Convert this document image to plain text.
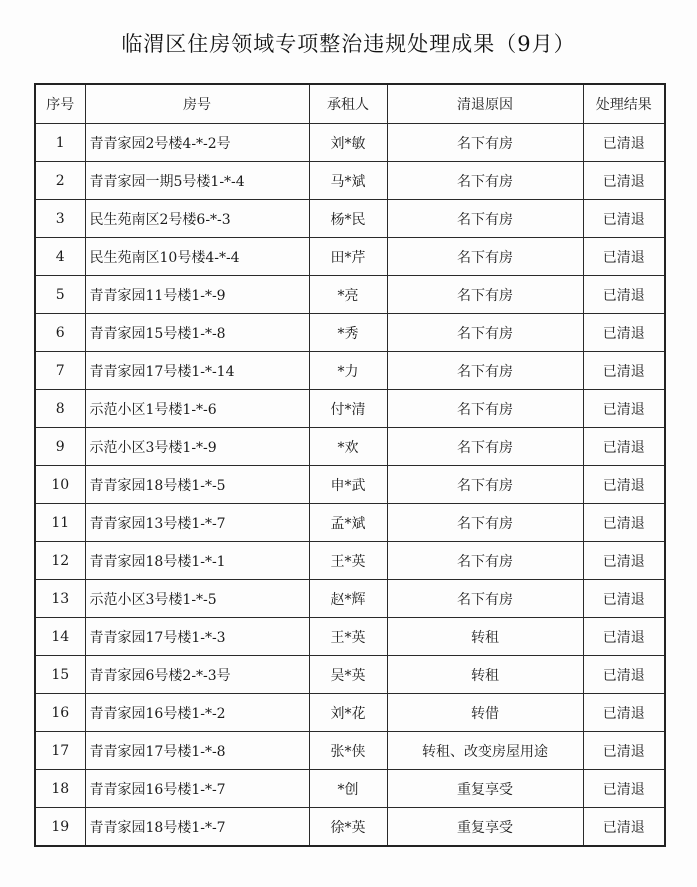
临渭区住房领域专项整治违规处理成果（9月）
序号	房号	承租人	清退原因	处理结果
1	青青家园2号楼4-*-2号	刘*敏	名下有房	已清退
2	青青家园一期5号楼1-*-4	马*斌	名下有房	已清退
3	民生苑南区2号楼6-*-3	杨*民	名下有房	已清退
4	民生苑南区10号楼4-*-4	田*芹	名下有房	已清退
5	青青家园11号楼1-*-9	*亮	名下有房	已清退
6	青青家园15号楼1-*-8	*秀	名下有房	已清退
7	青青家园17号楼1-*-14	*力	名下有房	已清退
8	示范小区1号楼1-*-6	付*清	名下有房	已清退
9	示范小区3号楼1-*-9	*欢	名下有房	已清退
10	青青家园18号楼1-*-5	申*武	名下有房	已清退
11	青青家园13号楼1-*-7	孟*斌	名下有房	已清退
12	青青家园18号楼1-*-1	王*英	名下有房	已清退
13	示范小区3号楼1-*-5	赵*辉	名下有房	已清退
14	青青家园17号楼1-*-3	王*英	转租	已清退
15	青青家园6号楼2-*-3号	吴*英	转租	已清退
16	青青家园16号楼1-*-2	刘*花	转借	已清退
17	青青家园17号楼1-*-8	张*侠	转租、改变房屋用途	已清退
18	青青家园16号楼1-*-7	*创	重复享受	已清退
19	青青家园18号楼1-*-7	徐*英	重复享受	已清退
